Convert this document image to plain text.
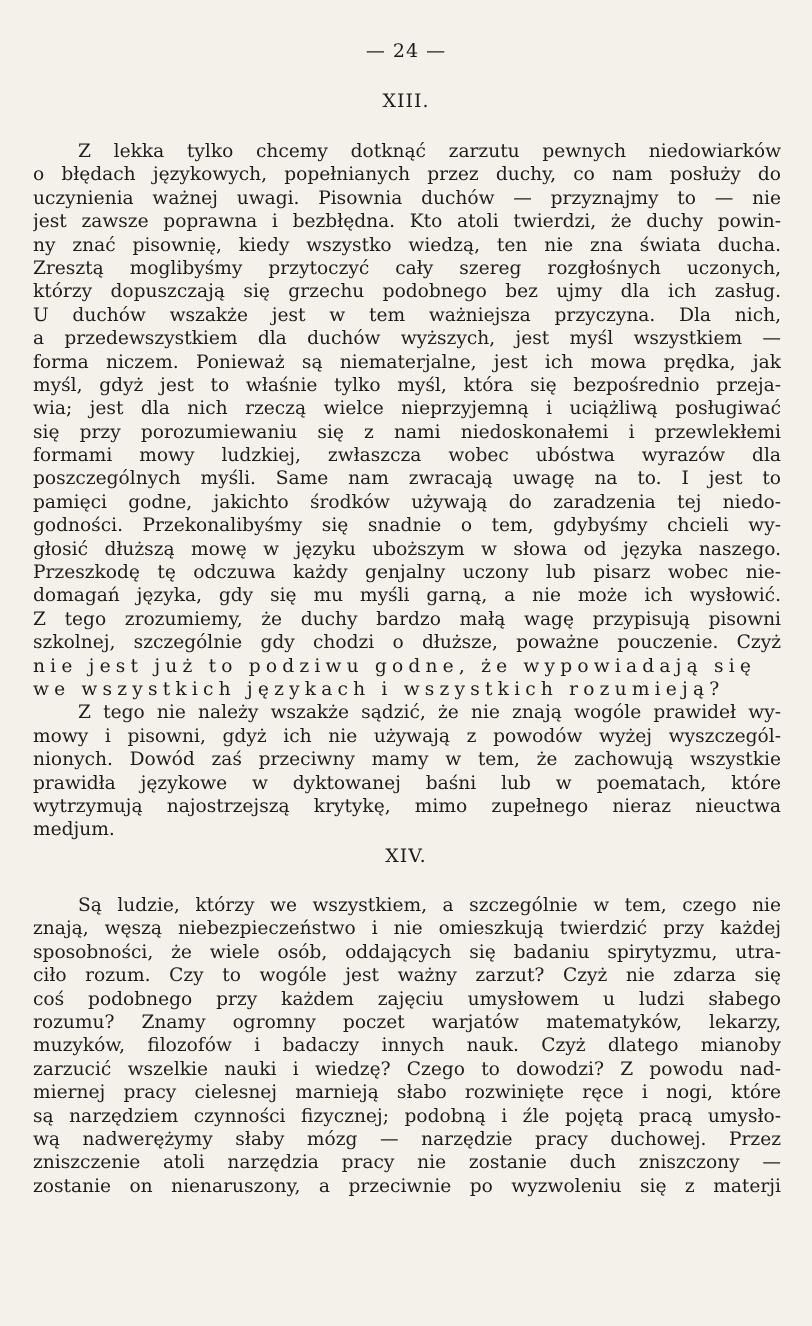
— 24 —
XIII.
Z lekka tylko chcemy dotknąć zarzutu pewnych niedowiarków
o błędach językowych, popełnianych przez duchy, co nam posłuży do
uczynienia ważnej uwagi. Pisownia duchów — przyznajmy to — nie
jest zawsze poprawna i bezbłędna. Kto atoli twierdzi, że duchy powin-
ny znać pisownię, kiedy wszystko wiedzą, ten nie zna świata ducha.
Zresztą moglibyśmy przytoczyć cały szereg rozgłośnych uczonych,
którzy dopuszczają się grzechu podobnego bez ujmy dla ich zasług.
U duchów wszakże jest w tem ważniejsza przyczyna. Dla nich,
a przedewszystkiem dla duchów wyższych, jest myśl wszystkiem —
forma niczem. Ponieważ są niematerjalne, jest ich mowa prędka, jak
myśl, gdyż jest to właśnie tylko myśl, która się bezpośrednio przeja-
wia; jest dla nich rzeczą wielce nieprzyjemną i uciążliwą posługiwać
się przy porozumiewaniu się z nami niedoskonałemi i przewlekłemi
formami mowy ludzkiej, zwłaszcza wobec ubóstwa wyrazów dla
poszczególnych myśli. Same nam zwracają uwagę na to. I jest to
pamięci godne, jakichto środków używają do zaradzenia tej niedo-
godności. Przekonalibyśmy się snadnie o tem, gdybyśmy chcieli wy-
głosić dłuższą mowę w języku uboższym w słowa od języka naszego.
Przeszkodę tę odczuwa każdy genjalny uczony lub pisarz wobec nie-
domagań języka, gdy się mu myśli garną, a nie może ich wysłowić.
Z tego zrozumiemy, że duchy bardzo małą wagę przypisują pisowni
szkolnej, szczególnie gdy chodzi o dłuższe, poważne pouczenie. Czyż
nie jest już to podziwu godne, że wypowiadają się
we wszystkich językach i wszystkich rozumieją?
Z tego nie należy wszakże sądzić, że nie znają wogóle prawideł wy-
mowy i pisowni, gdyż ich nie używają z powodów wyżej wyszczegól-
nionych. Dowód zaś przeciwny mamy w tem, że zachowują wszystkie
prawidła językowe w dyktowanej baśni lub w poematach, które
wytrzymują najostrzejszą krytykę, mimo zupełnego nieraz nieuctwa
medjum.
XIV.
Są ludzie, którzy we wszystkiem, a szczególnie w tem, czego nie
znają, węszą niebezpieczeństwo i nie omieszkują twierdzić przy każdej
sposobności, że wiele osób, oddających się badaniu spirytyzmu, utra-
ciło rozum. Czy to wogóle jest ważny zarzut? Czyż nie zdarza się
coś podobnego przy każdem zajęciu umysłowem u ludzi słabego
rozumu? Znamy ogromny poczet warjatów matematyków, lekarzy,
muzyków, filozofów i badaczy innych nauk. Czyż dlatego mianoby
zarzucić wszelkie nauki i wiedzę? Czego to dowodzi? Z powodu nad-
miernej pracy cielesnej marnieją słabo rozwinięte ręce i nogi, które
są narzędziem czynności fizycznej; podobną i źle pojętą pracą umysło-
wą nadwerężymy słaby mózg — narzędzie pracy duchowej. Przez
zniszczenie atoli narzędzia pracy nie zostanie duch zniszczony —
zostanie on nienaruszony, a przeciwnie po wyzwoleniu się z materji
